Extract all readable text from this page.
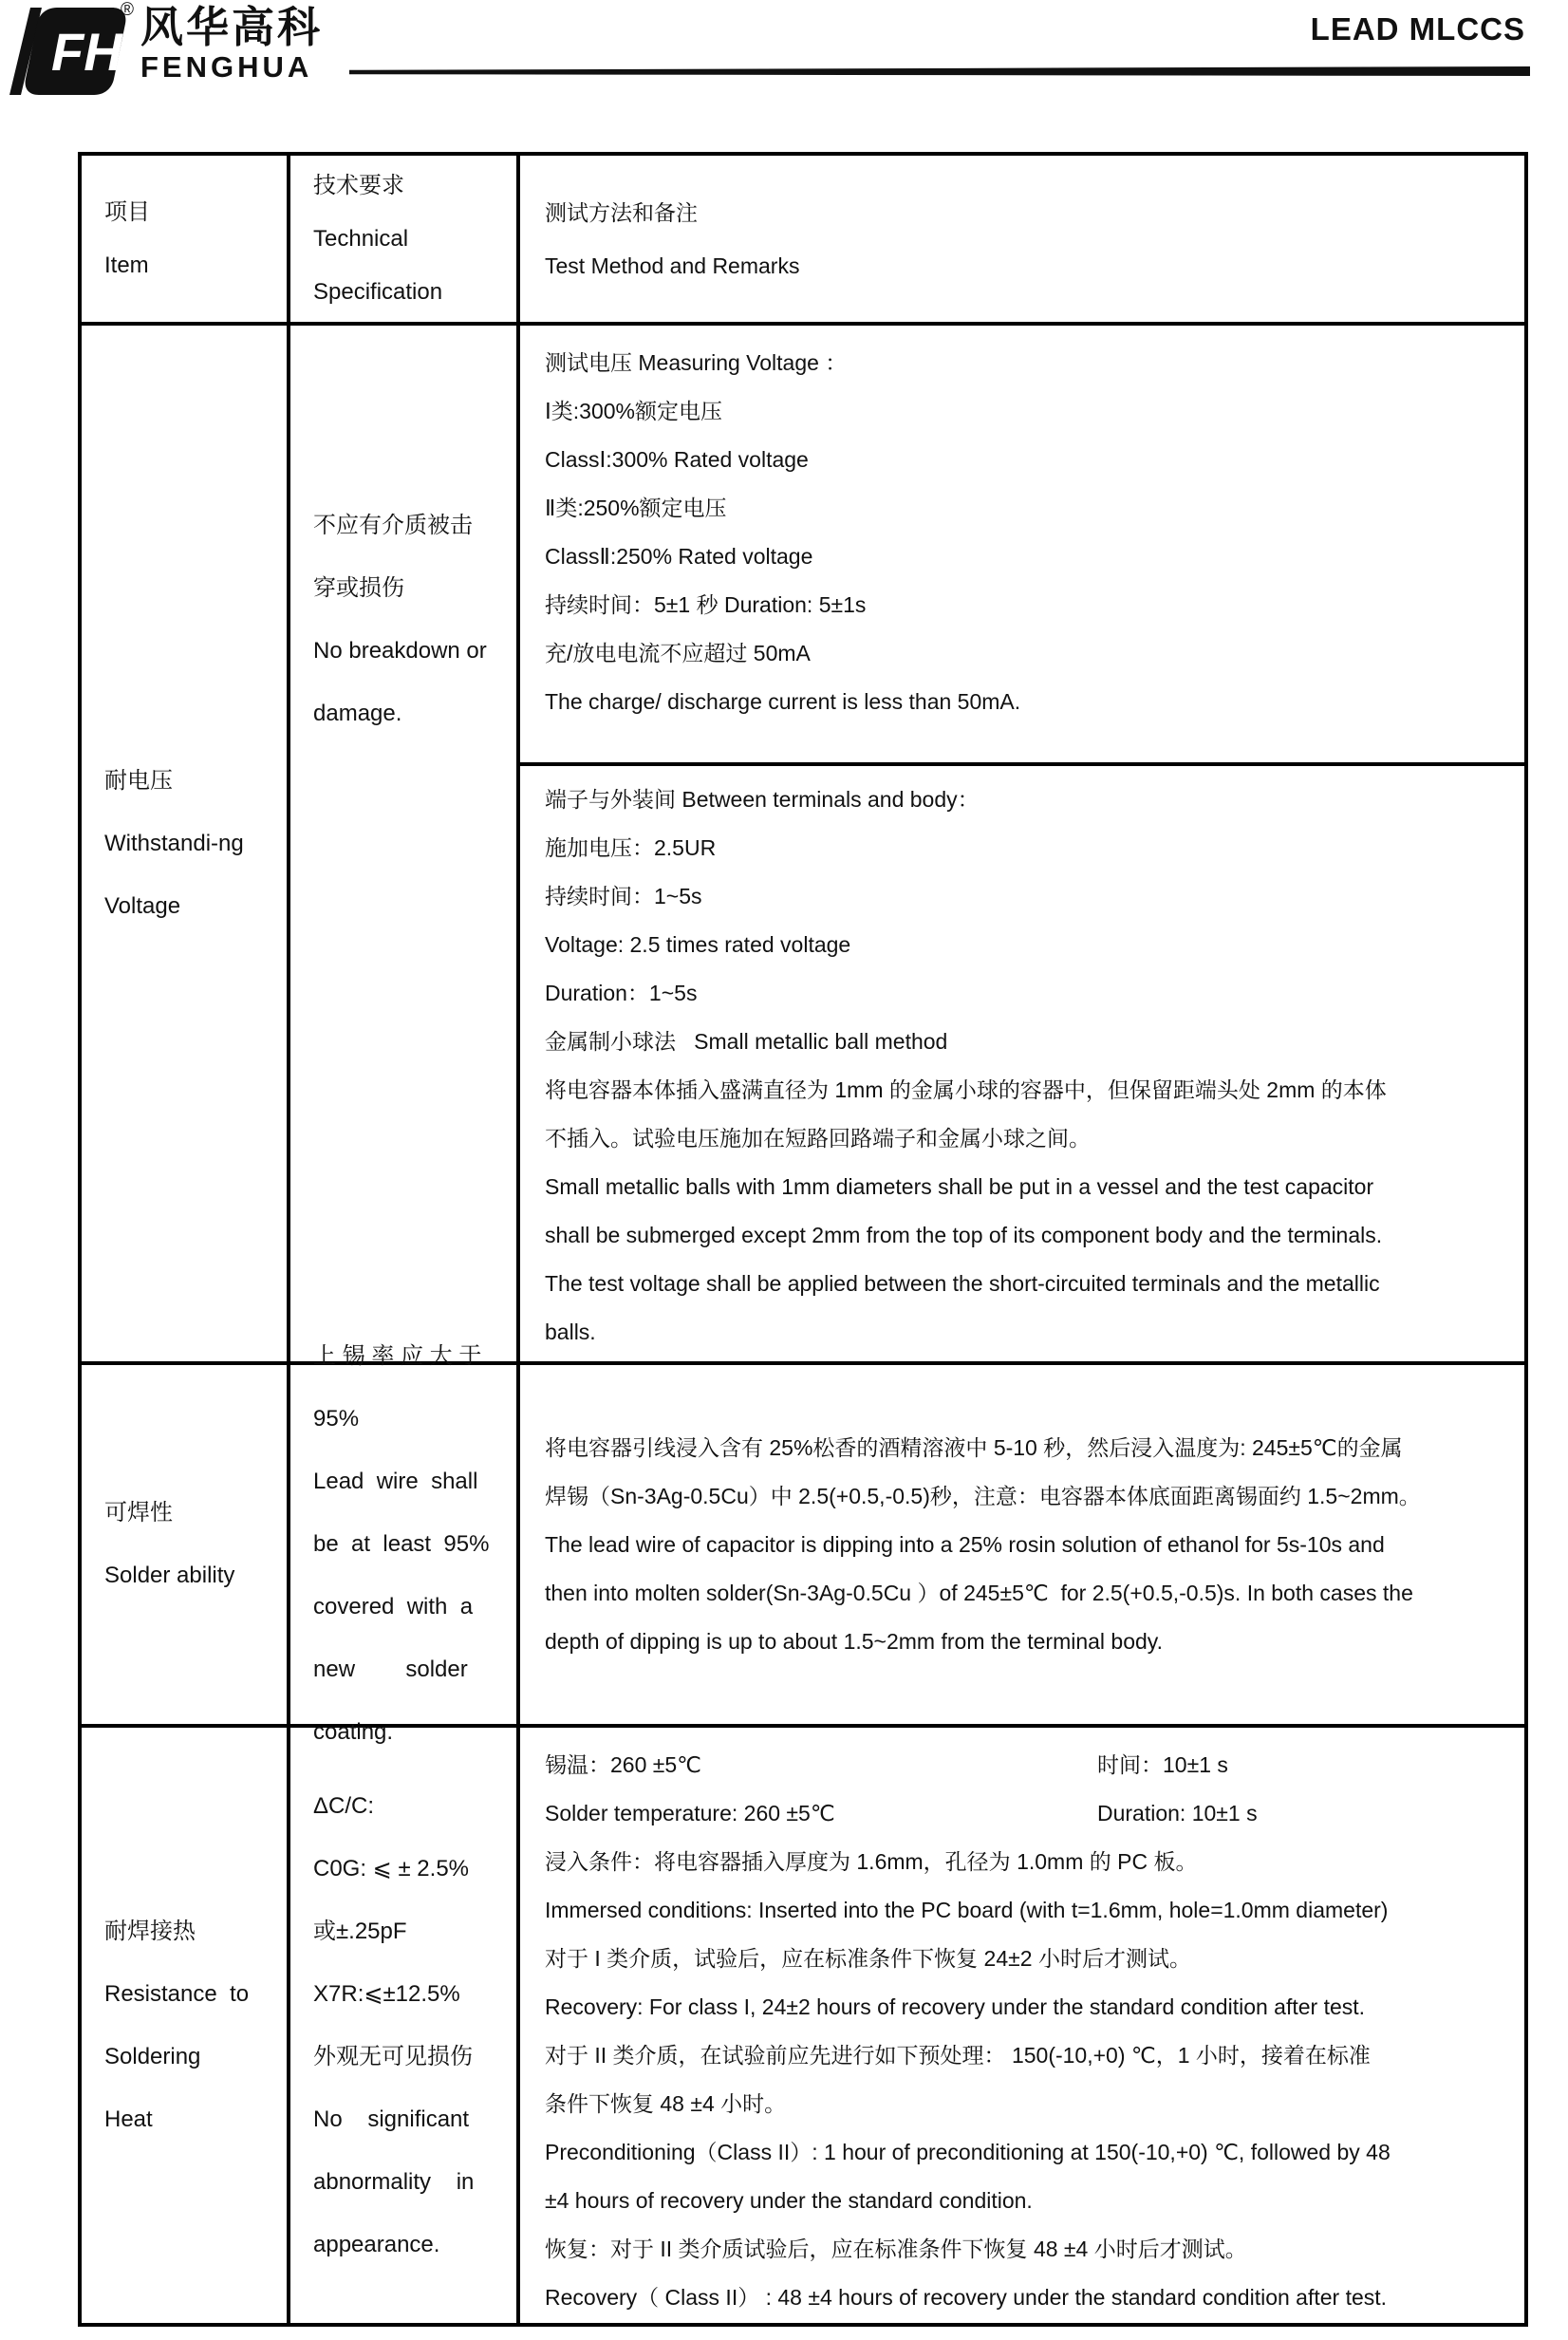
FH
® 风华高科
FENGHUA
LEAD MLCCS
项目
Item
技术要求
Technical
Specification
测试方法和备注
Test Method and Remarks
耐电压
Withstandi-ng
Voltage
不应有介质被击
穿或损伤
No breakdown or
damage.
测试电压 Measuring Voltage ：
Ⅰ类:300%额定电压
ClassⅠ:300% Rated voltage
Ⅱ类:250%额定电压
ClassⅡ:250% Rated voltage
持续时间：5±1 秒 Duration: 5±1s
充/放电电流不应超过 50mA
The charge/ discharge current is less than 50mA.
端子与外装间 Between terminals and body：
施加电压：2.5UR
持续时间：1~5s
Voltage: 2.5 times rated voltage
Duration：1~5s
金属制小球法   Small metallic ball method
将电容器本体插入盛满直径为 1mm 的金属小球的容器中，但保留距端头处 2mm 的本体
不插入。试验电压施加在短路回路端子和金属小球之间。
Small metallic balls with 1mm diameters shall be put in a vessel and the test capacitor
shall be submerged except 2mm from the top of its component body and the terminals.
The test voltage shall be applied between the short-circuited terminals and the metallic
balls.
可焊性
Solder ability
上 锡 率 应 大 于
95%
Lead  wire  shall
be  at  least  95%
covered  with  a
new        solder
coating.
将电容器引线浸入含有 25%松香的酒精溶液中 5-10 秒，然后浸入温度为: 245±5℃的金属
焊锡（Sn-3Ag-0.5Cu）中 2.5(+0.5,-0.5)秒，注意：电容器本体底面距离锡面约 1.5~2mm。
The lead wire of capacitor is dipping into a 25% rosin solution of ethanol for 5s-10s and
then into molten solder(Sn-3Ag-0.5Cu ）of 245±5℃  for 2.5(+0.5,-0.5)s. In both cases the
depth of dipping is up to about 1.5~2mm from the terminal body.
耐焊接热
Resistance  to
Soldering
Heat
ΔC/C:
C0G: ⩽ ± 2.5%
或±.25pF
X7R:⩽±12.5%
外观无可见损伤
No    significant
abnormality    in
appearance.
锡温：260 ±5℃	时间：10±1 s
Solder temperature: 260 ±5℃	Duration: 10±1 s
浸入条件：将电容器插入厚度为 1.6mm，孔径为 1.0mm 的 PC 板。
Immersed conditions: Inserted into the PC board (with t=1.6mm, hole=1.0mm diameter)
对于 I 类介质，试验后，应在标准条件下恢复 24±2 小时后才测试。
Recovery: For class I, 24±2 hours of recovery under the standard condition after test.
对于 II 类介质，在试验前应先进行如下预处理： 150(-10,+0) ℃，1 小时，接着在标准
条件下恢复 48 ±4 小时。
Preconditioning（Class II）: 1 hour of preconditioning at 150(-10,+0) ℃, followed by 48
±4 hours of recovery under the standard condition.
恢复：对于 II 类介质试验后，应在标准条件下恢复 48 ±4 小时后才测试。
Recovery（ Class II） : 48 ±4 hours of recovery under the standard condition after test.
